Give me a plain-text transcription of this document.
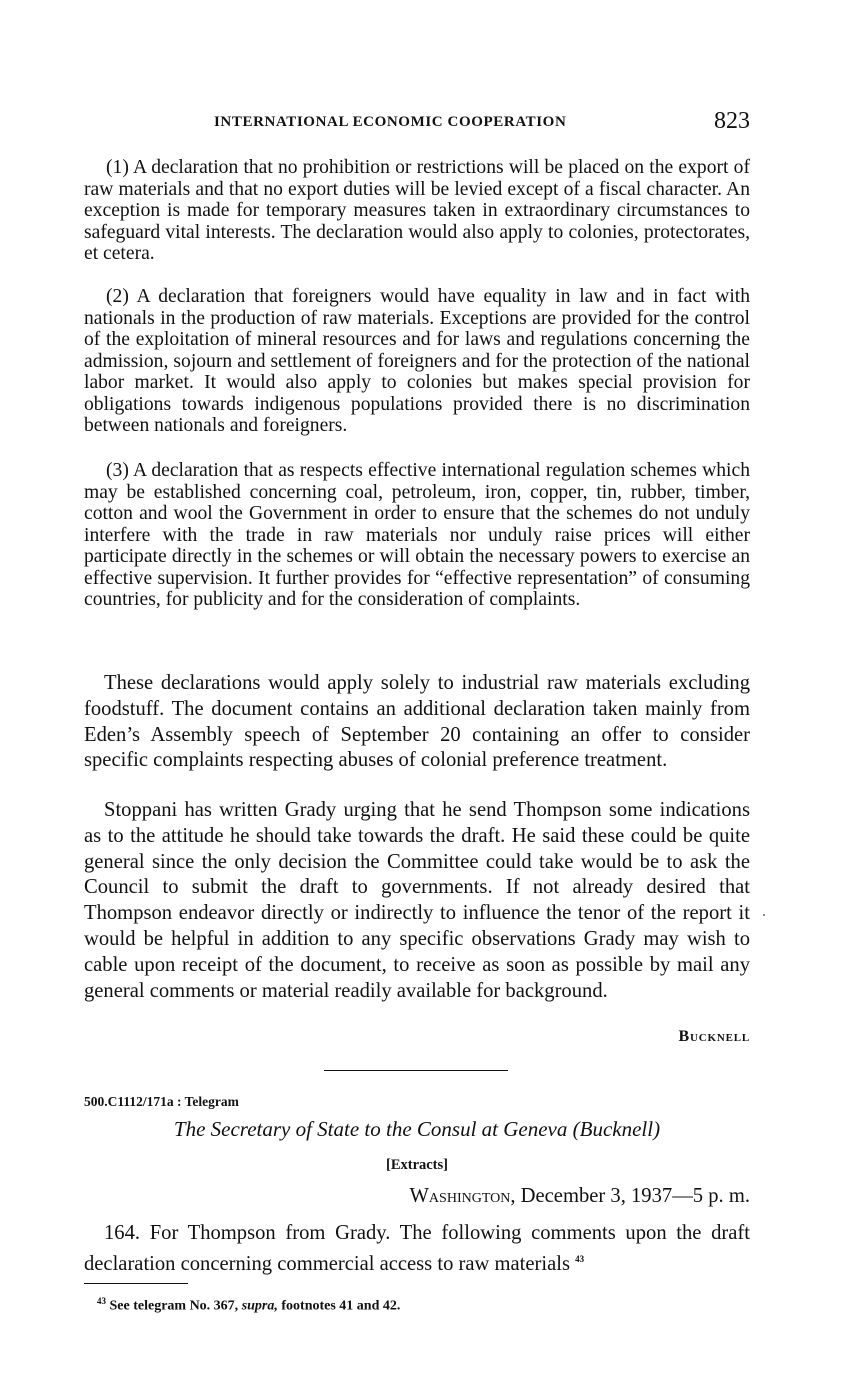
INTERNATIONAL ECONOMIC COOPERATION	823

(1) A declaration that no prohibition or restrictions will be placed on the export of raw materials and that no export duties will be levied except of a fiscal character. An exception is made for temporary measures taken in extraordinary circumstances to safeguard vital interests. The declaration would also apply to colonies, protectorates, et cetera.

(2) A declaration that foreigners would have equality in law and in fact with nationals in the production of raw materials. Exceptions are provided for the control of the exploitation of mineral resources and for laws and regulations concerning the admission, sojourn and settlement of foreigners and for the protection of the national labor market. It would also apply to colonies but makes special provision for obligations towards indigenous populations provided there is no discrimination between nationals and foreigners.

(3) A declaration that as respects effective international regulation schemes which may be established concerning coal, petroleum, iron, copper, tin, rubber, timber, cotton and wool the Government in order to ensure that the schemes do not unduly interfere with the trade in raw materials nor unduly raise prices will either participate directly in the schemes or will obtain the necessary powers to exercise an effective supervision. It further provides for “effective representation” of consuming countries, for publicity and for the consideration of complaints.

These declarations would apply solely to industrial raw materials excluding foodstuff. The document contains an additional declaration taken mainly from Eden’s Assembly speech of September 20 containing an offer to consider specific complaints respecting abuses of colonial preference treatment.

Stoppani has written Grady urging that he send Thompson some indications as to the attitude he should take towards the draft. He said these could be quite general since the only decision the Committee could take would be to ask the Council to submit the draft to governments. If not already desired that Thompson endeavor directly or indirectly to influence the tenor of the report it would be helpful in addition to any specific observations Grady may wish to cable upon receipt of the document, to receive as soon as possible by mail any general comments or material readily available for background.

Bucknell
500.C1112/171a : Telegram
The Secretary of State to the Consul at Geneva (Bucknell)
[Extracts]
Washington, December 3, 1937—5 p. m.

164. For Thompson from Grady. The following comments upon the draft declaration concerning commercial access to raw materials $^{43}$

$^{43}$ See telegram No. 367, supra, footnotes 41 and 42.
